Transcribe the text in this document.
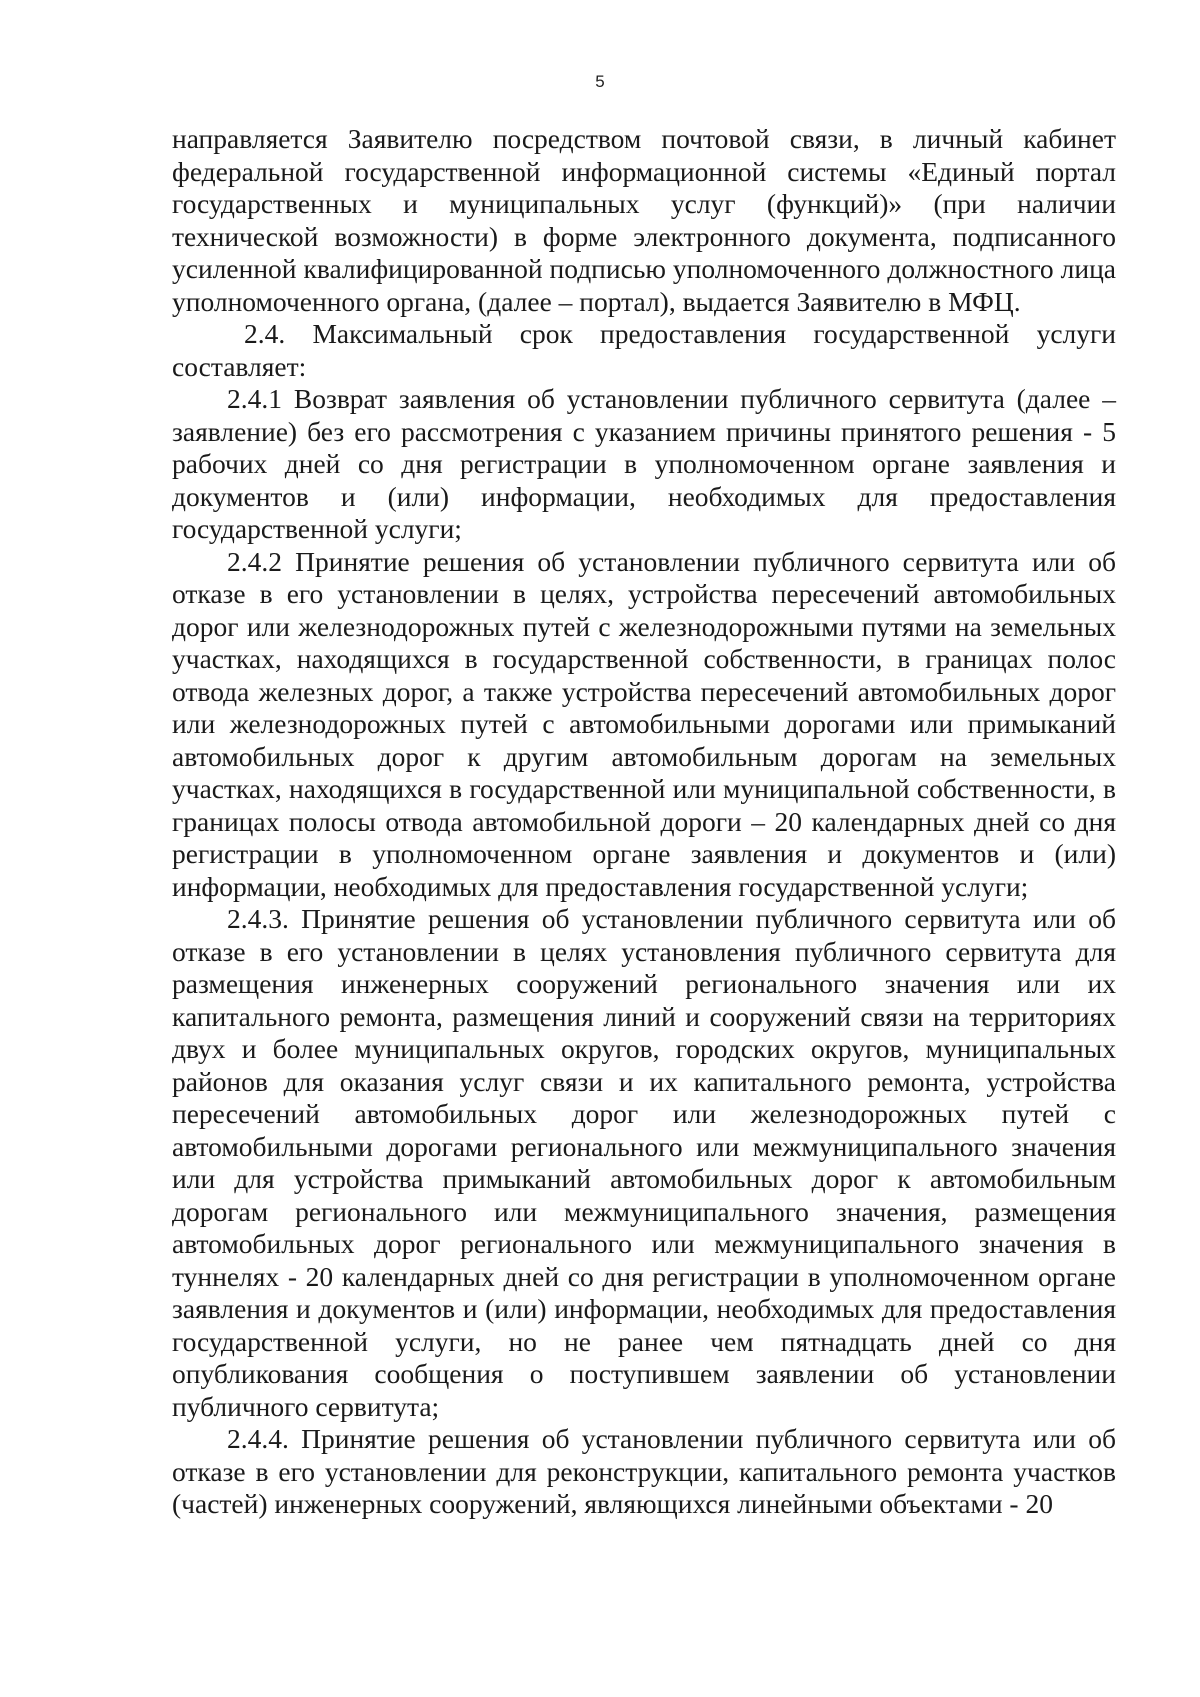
5

направляется Заявителю посредством почтовой связи, в личный кабинет федеральной государственной информационной системы «Единый портал государственных и муниципальных услуг (функций)» (при наличии технической возможности) в форме электронного документа, подписанного усиленной квалифицированной подписью уполномоченного должностного лица уполномоченного органа, (далее – портал), выдается Заявителю в МФЦ.

2.4. Максимальный срок предоставления государственной услуги составляет:

2.4.1 Возврат заявления об установлении публичного сервитута (далее – заявление) без его рассмотрения с указанием причины принятого решения - 5 рабочих дней со дня регистрации в уполномоченном органе заявления и документов и (или) информации, необходимых для предоставления государственной услуги;

2.4.2 Принятие решения об установлении публичного сервитута или об отказе в его установлении в целях, устройства пересечений автомобильных дорог или железнодорожных путей с железнодорожными путями на земельных участках, находящихся в государственной собственности, в границах полос отвода железных дорог, а также устройства пересечений автомобильных дорог или железнодорожных путей с автомобильными дорогами или примыканий автомобильных дорог к другим автомобильным дорогам на земельных участках, находящихся в государственной или муниципальной собственности, в границах полосы отвода автомобильной дороги – 20 календарных дней со дня регистрации в уполномоченном органе заявления и документов и (или) информации, необходимых для предоставления государственной услуги;

2.4.3. Принятие решения об установлении публичного сервитута или об отказе в его установлении в целях установления публичного сервитута для размещения инженерных сооружений регионального значения или их капитального ремонта, размещения линий и сооружений связи на территориях двух и более муниципальных округов, городских округов, муниципальных районов для оказания услуг связи и их капитального ремонта, устройства пересечений автомобильных дорог или железнодорожных путей с автомобильными дорогами регионального или межмуниципального значения или для устройства примыканий автомобильных дорог к автомобильным дорогам регионального или межмуниципального значения, размещения автомобильных дорог регионального или межмуниципального значения в туннелях - 20 календарных дней со дня регистрации в уполномоченном органе заявления и документов и (или) информации, необходимых для предоставления государственной услуги, но не ранее чем пятнадцать дней со дня опубликования сообщения о поступившем заявлении об установлении публичного сервитута;

2.4.4. Принятие решения об установлении публичного сервитута или об отказе в его установлении для реконструкции, капитального ремонта участков (частей) инженерных сооружений, являющихся линейными объектами - 20
